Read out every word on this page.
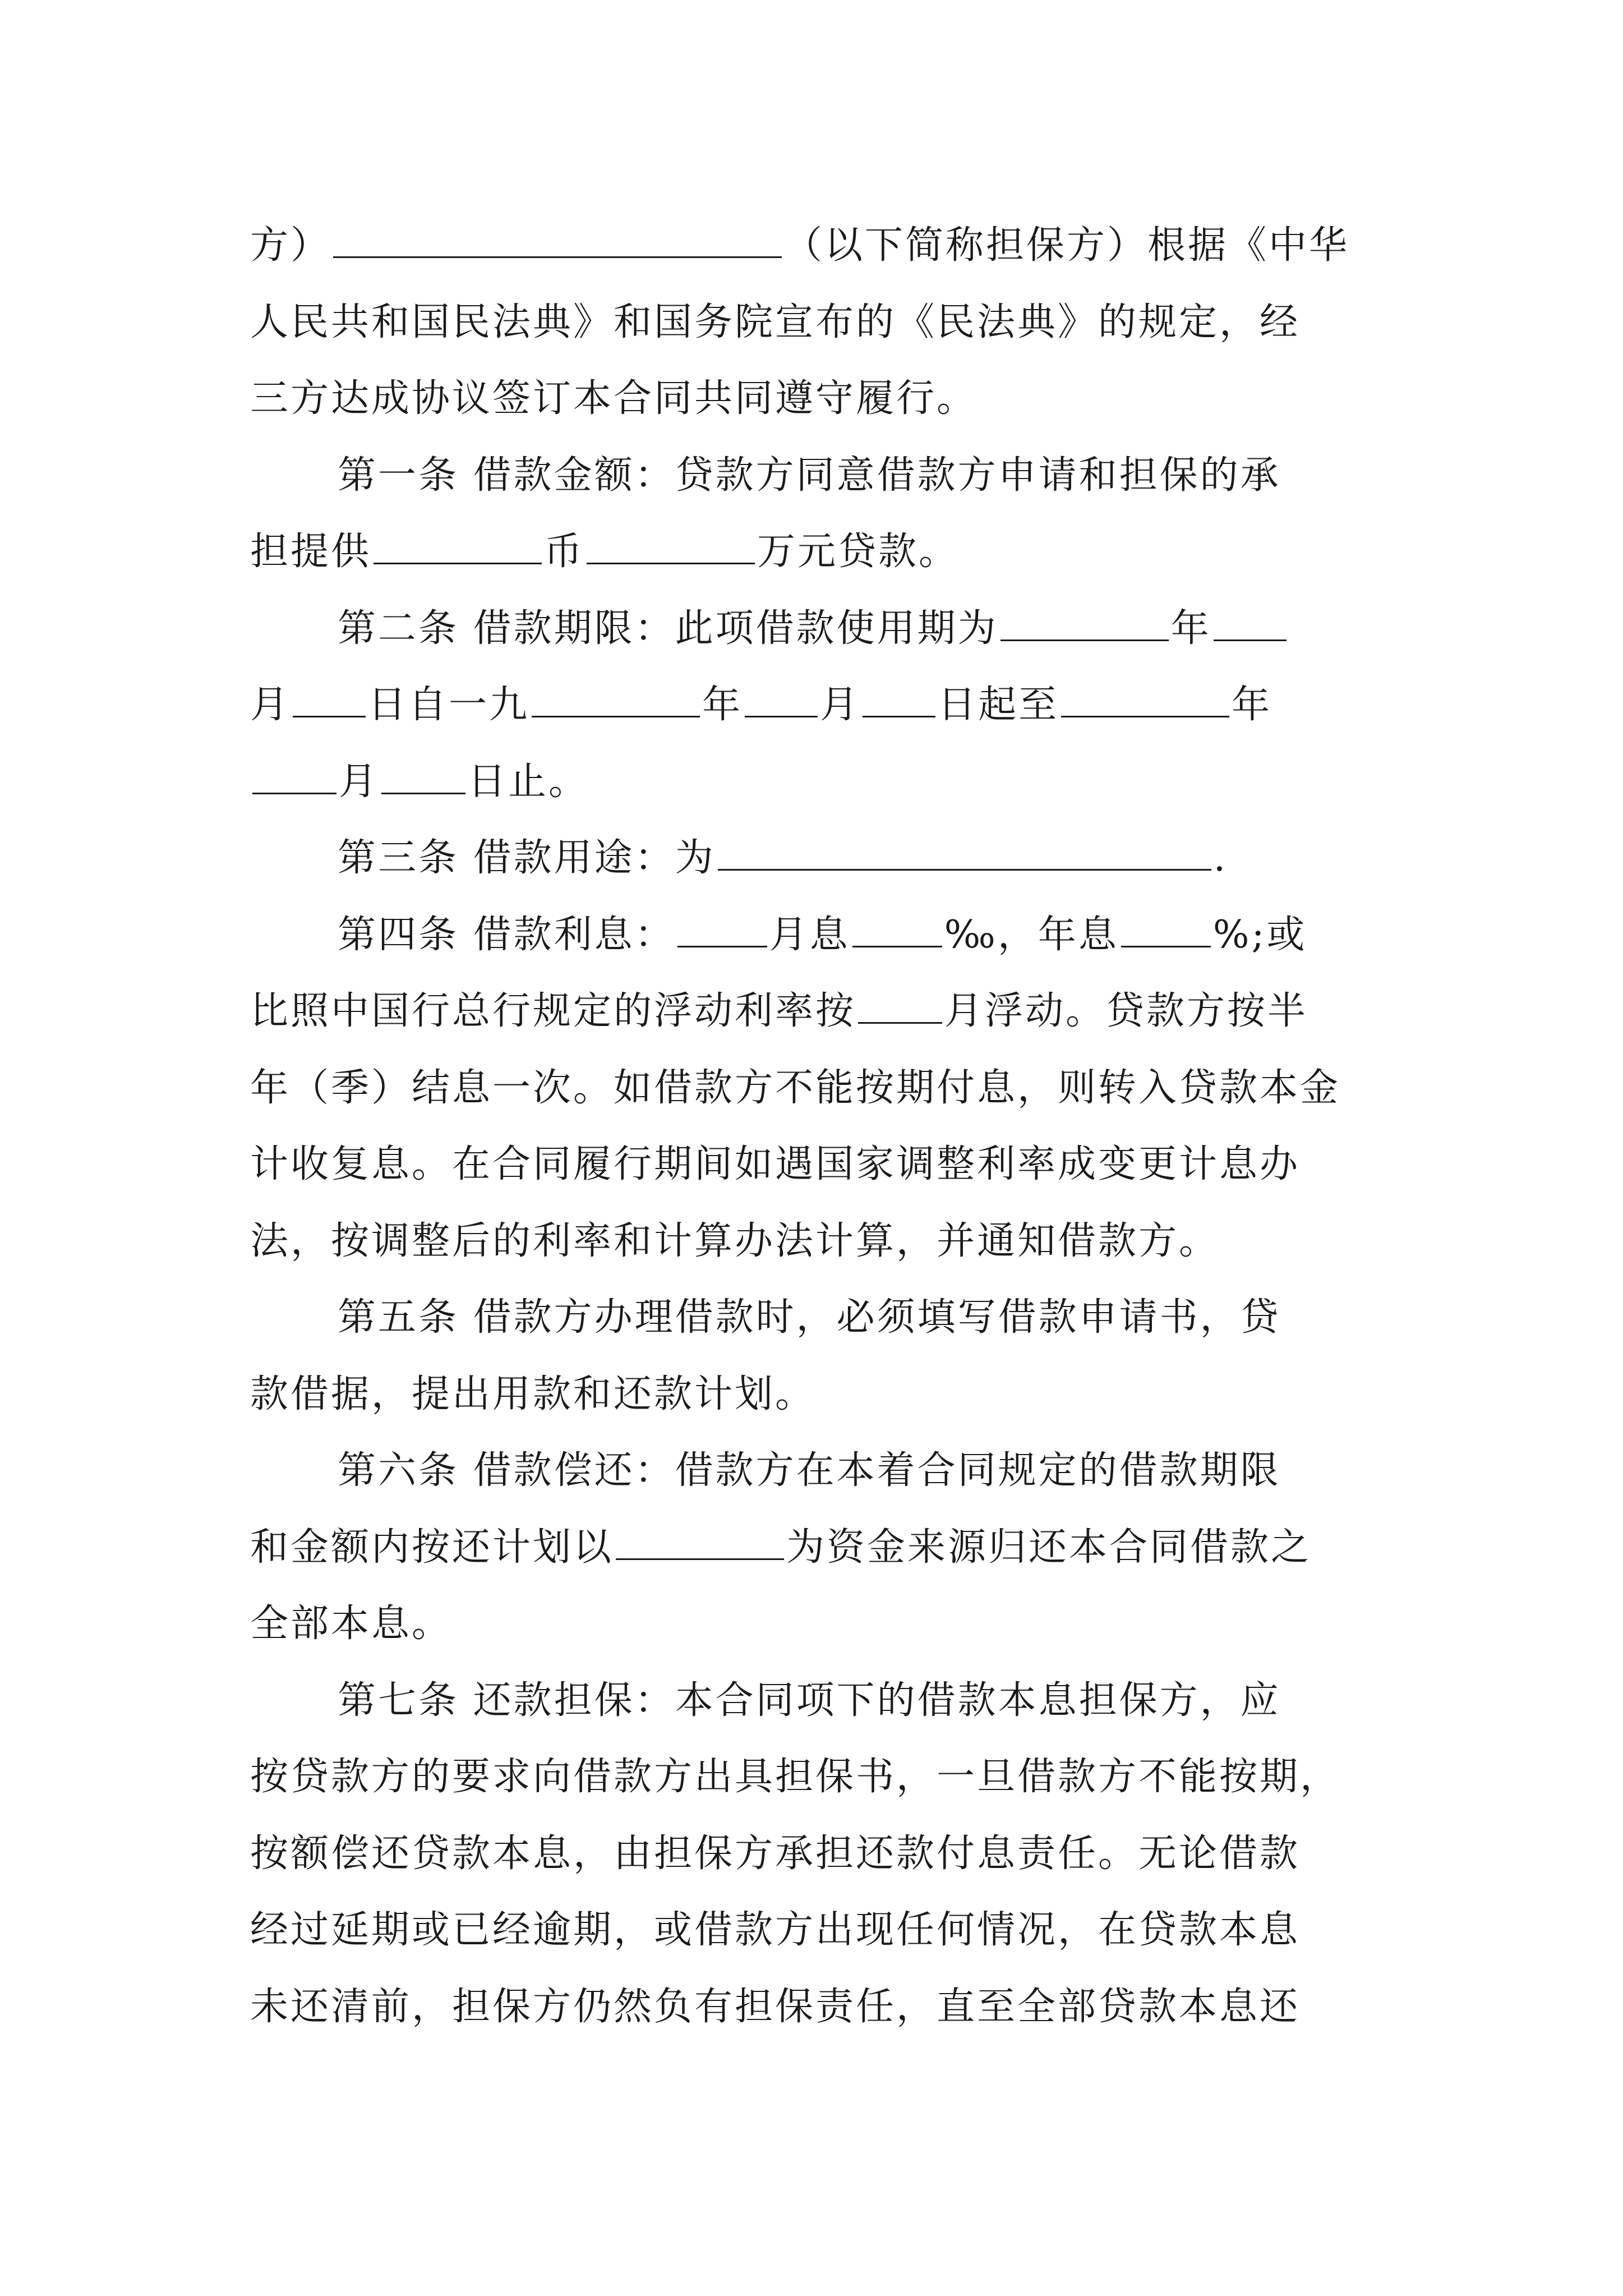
方）	（以下简称担保方）根据《中华
人民共和国民法典》和国务院宣布的《民法典》的规定，经
三方达成协议签订本合同共同遵守履行。
第一条 借款金额：贷款方同意借款方申请和担保的承
担提供	币	万元贷款。
第二条 借款期限：此项借款使用期为	年
月 日自一九	年 月 日起至	年
月 日止。
第三条 借款用途：为	.
第四条 借款利息： 月息 ‰，年息 %;或
比照中国行总行规定的浮动利率按 月浮动。贷款方按半
年（季）结息一次。如借款方不能按期付息，则转入贷款本金
计收复息。在合同履行期间如遇国家调整利率成变更计息办
法，按调整后的利率和计算办法计算，并通知借款方。
第五条 借款方办理借款时，必须填写借款申请书，贷
款借据，提出用款和还款计划。
第六条 借款偿还：借款方在本着合同规定的借款期限
和金额内按还计划以	为资金来源归还本合同借款之
全部本息。
第七条 还款担保：本合同项下的借款本息担保方，应
按贷款方的要求向借款方出具担保书，一旦借款方不能按期，
按额偿还贷款本息，由担保方承担还款付息责任。无论借款
经过延期或已经逾期，或借款方出现任何情况，在贷款本息
未还清前，担保方仍然负有担保责任，直至全部贷款本息还
